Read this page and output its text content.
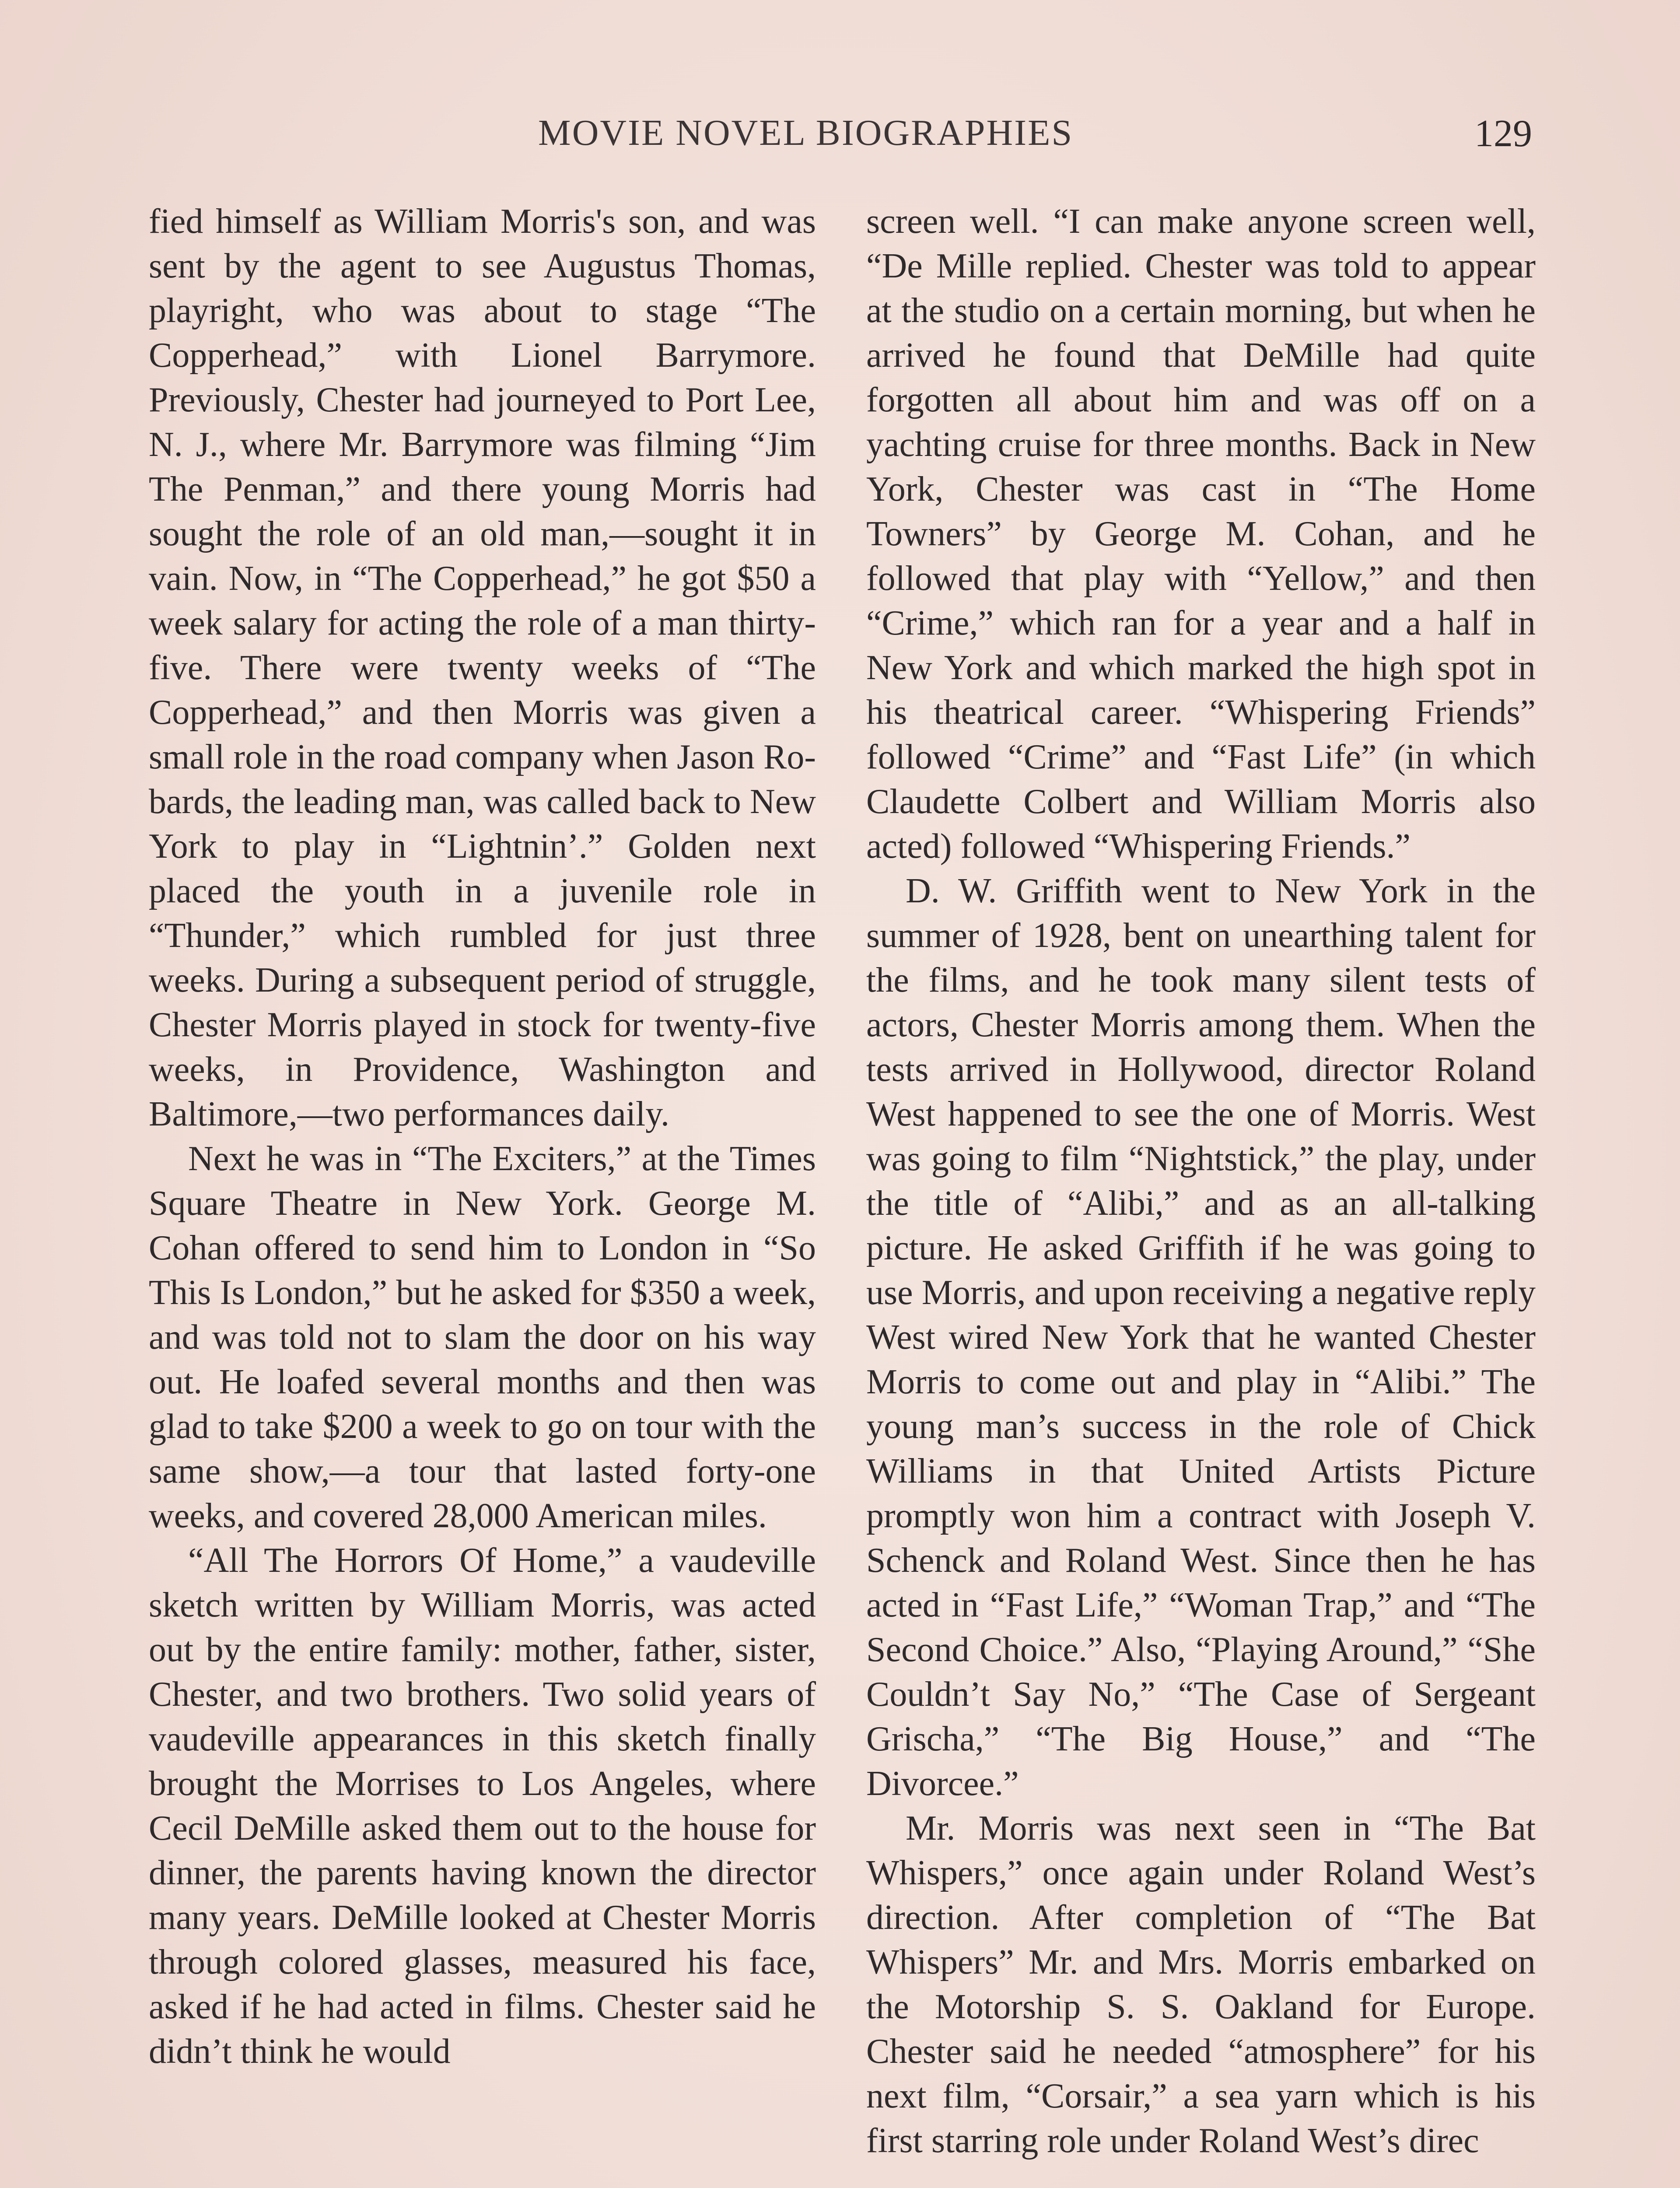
MOVIE NOVEL BIOGRAPHIES	129

fied himself as William Morris's son, and was sent by the agent to see Augustus Thomas, playright, who was about to stage “The Copperhead,” with Lionel Barrymore. Previously, Chester had journeyed to Port Lee, N. J., where Mr. Barrymore was filming “Jim The Penman,” and there young Morris had sought the role of an old man,—sought it in vain. Now, in “The Copperhead,” he got $50 a week salary for acting the role of a man thirty-five. There were twenty weeks of “The Copperhead,” and then Morris was given a small role in the road company when Jason Robards, the leading man, was called back to New York to play in “Lightnin’.” Golden next placed the youth in a juvenile role in “Thunder,” which rumbled for just three weeks. During a subsequent period of struggle, Chester Morris played in stock for twenty-five weeks, in Providence, Washington and Baltimore,—two performances daily.

Next he was in “The Exciters,” at the Times Square Theatre in New York. George M. Cohan offered to send him to London in “So This Is London,” but he asked for $350 a week, and was told not to slam the door on his way out. He loafed several months and then was glad to take $200 a week to go on tour with the same show,—a tour that lasted forty-one weeks, and covered 28,000 American miles.

“All The Horrors Of Home,” a vaudeville sketch written by William Morris, was acted out by the entire family: mother, father, sister, Chester, and two brothers. Two solid years of vaudeville appearances in this sketch finally brought the Morrises to Los Angeles, where Cecil DeMille asked them out to the house for dinner, the parents having known the director many years. DeMille looked at Chester Morris through colored glasses, measured his face, asked if he had acted in films. Chester said he didn’t think he would

screen well. “I can make anyone screen well, “De Mille replied. Chester was told to appear at the studio on a certain morning, but when he arrived he found that DeMille had quite forgotten all about him and was off on a yachting cruise for three months. Back in New York, Chester was cast in “The Home Towners” by George M. Cohan, and he followed that play with “Yellow,” and then “Crime,” which ran for a year and a half in New York and which marked the high spot in his theatrical career. “Whispering Friends” followed “Crime” and “Fast Life” (in which Claudette Colbert and William Morris also acted) followed “Whispering Friends.”

D. W. Griffith went to New York in the summer of 1928, bent on unearthing talent for the films, and he took many silent tests of actors, Chester Morris among them. When the tests arrived in Hollywood, director Roland West happened to see the one of Morris. West was going to film “Nightstick,” the play, under the title of “Alibi,” and as an all-talking picture. He asked Griffith if he was going to use Morris, and upon receiving a negative reply West wired New York that he wanted Chester Morris to come out and play in “Alibi.” The young man’s success in the role of Chick Williams in that United Artists Picture promptly won him a contract with Joseph V. Schenck and Roland West. Since then he has acted in “Fast Life,” “Woman Trap,” and “The Second Choice.” Also, “Playing Around,” “She Couldn’t Say No,” “The Case of Sergeant Grischa,” “The Big House,” and “The Divorcee.”

Mr. Morris was next seen in “The Bat Whispers,” once again under Roland West’s direction. After completion of “The Bat Whispers” Mr. and Mrs. Morris embarked on the Motorship S. S. Oakland for Europe. Chester said he needed “atmosphere” for his next film, “Corsair,” a sea yarn which is his first starring role under Roland West’s direc
